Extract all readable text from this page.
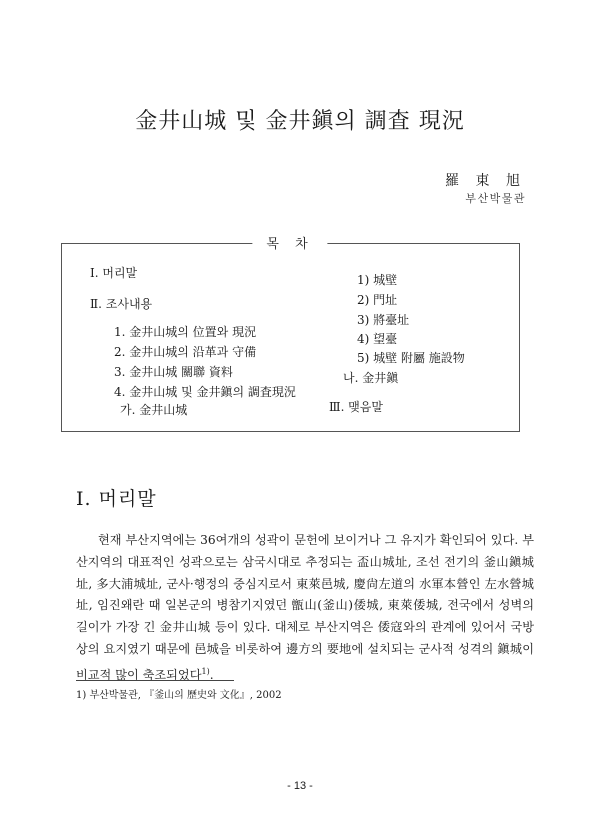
金井山城 및 金井鎭의 調査 現況
羅 東 旭
부산박물관
목 차
Ⅰ. 머리말
Ⅱ. 조사내용
1. 金井山城의 位置와 現況
2. 金井山城의 沿革과 守備
3. 金井山城 關聯 資料
4. 金井山城 및 金井鎭의 調査現況
가. 金井山城
1) 城壁
2) 門址
3) 將臺址
4) 望臺
5) 城壁 附屬 施設物
나. 金井鎭
Ⅲ. 맺음말
Ⅰ. 머리말
현재 부산지역에는 36여개의 성곽이 문헌에 보이거나 그 유지가 확인되어 있다. 부산지역의 대표적인 성곽으로는 삼국시대로 추정되는 盃山城址, 조선 전기의 釜山鎭城址, 多大浦城址, 군사·행정의 중심지로서 東萊邑城, 慶尙左道의 水軍本營인 左水營城址, 임진왜란 때 일본군의 병참기지였던 甑山(釜山)倭城, 東萊倭城, 전국에서 성벽의 길이가 가장 긴 金井山城 등이 있다. 대체로 부산지역은 倭寇와의 관계에 있어서 국방상의 요지였기 때문에 邑城을 비롯하여 邊方의 要地에 설치되는 군사적 성격의 鎭城이 비교적 많이 축조되었다$^{1)}$.
1) 부산박물관, 『釜山의 歷史와 文化』, 2002
- 13 -
